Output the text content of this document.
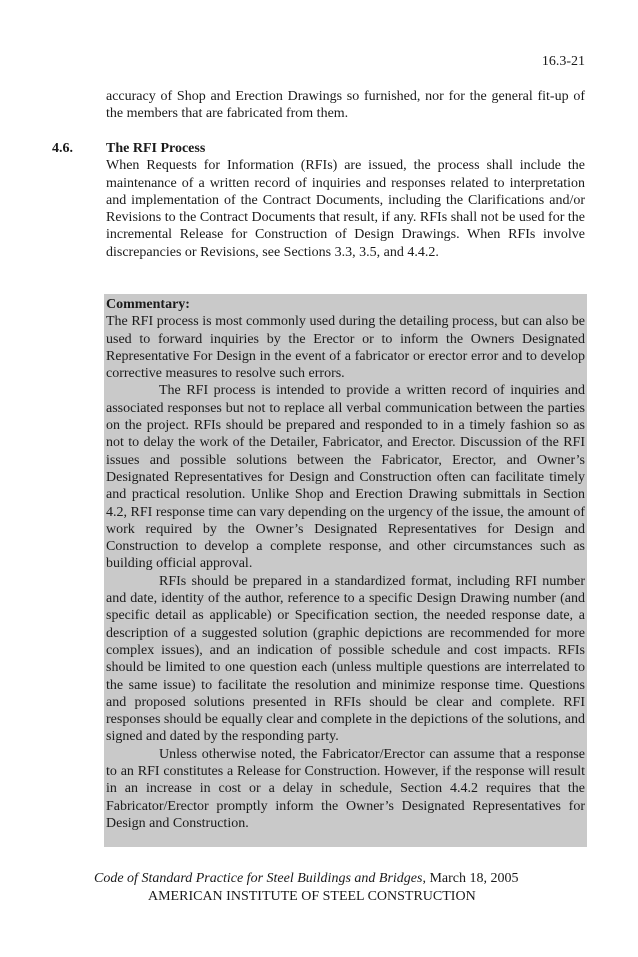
16.3-21
accuracy of Shop and Erection Drawings so furnished, nor for the general fit-up of the members that are fabricated from them.
4.6. The RFI Process
When Requests for Information (RFIs) are issued, the process shall include the maintenance of a written record of inquiries and responses related to interpretation and implementation of the Contract Documents, including the Clarifications and/or Revisions to the Contract Documents that result, if any. RFIs shall not be used for the incremental Release for Construction of Design Drawings. When RFIs involve discrepancies or Revisions, see Sections 3.3, 3.5, and 4.4.2.
Commentary:

The RFI process is most commonly used during the detailing process, but can also be used to forward inquiries by the Erector or to inform the Owners Designated Representative For Design in the event of a fabricator or erector error and to develop corrective measures to resolve such errors.

The RFI process is intended to provide a written record of inquiries and associated responses but not to replace all verbal communication between the parties on the project. RFIs should be prepared and responded to in a timely fashion so as not to delay the work of the Detailer, Fabricator, and Erector. Discussion of the RFI issues and possible solutions between the Fabricator, Erector, and Owner’s Designated Representatives for Design and Construction often can facilitate timely and practical resolution. Unlike Shop and Erection Drawing submittals in Section 4.2, RFI response time can vary depending on the urgency of the issue, the amount of work required by the Owner’s Designated Representatives for Design and Construction to develop a complete response, and other circumstances such as building official approval.

RFIs should be prepared in a standardized format, including RFI number and date, identity of the author, reference to a specific Design Drawing number (and specific detail as applicable) or Specification section, the needed response date, a description of a suggested solution (graphic depictions are recommended for more complex issues), and an indication of possible schedule and cost impacts. RFIs should be limited to one question each (unless multiple questions are interrelated to the same issue) to facilitate the resolution and minimize response time. Questions and proposed solutions presented in RFIs should be clear and complete. RFI responses should be equally clear and complete in the depictions of the solutions, and signed and dated by the responding party.

Unless otherwise noted, the Fabricator/Erector can assume that a response to an RFI constitutes a Release for Construction. However, if the response will result in an increase in cost or a delay in schedule, Section 4.4.2 requires that the Fabricator/Erector promptly inform the Owner’s Designated Representatives for Design and Construction.

Code of Standard Practice for Steel Buildings and Bridges, March 18, 2005
AMERICAN INSTITUTE OF STEEL CONSTRUCTION
